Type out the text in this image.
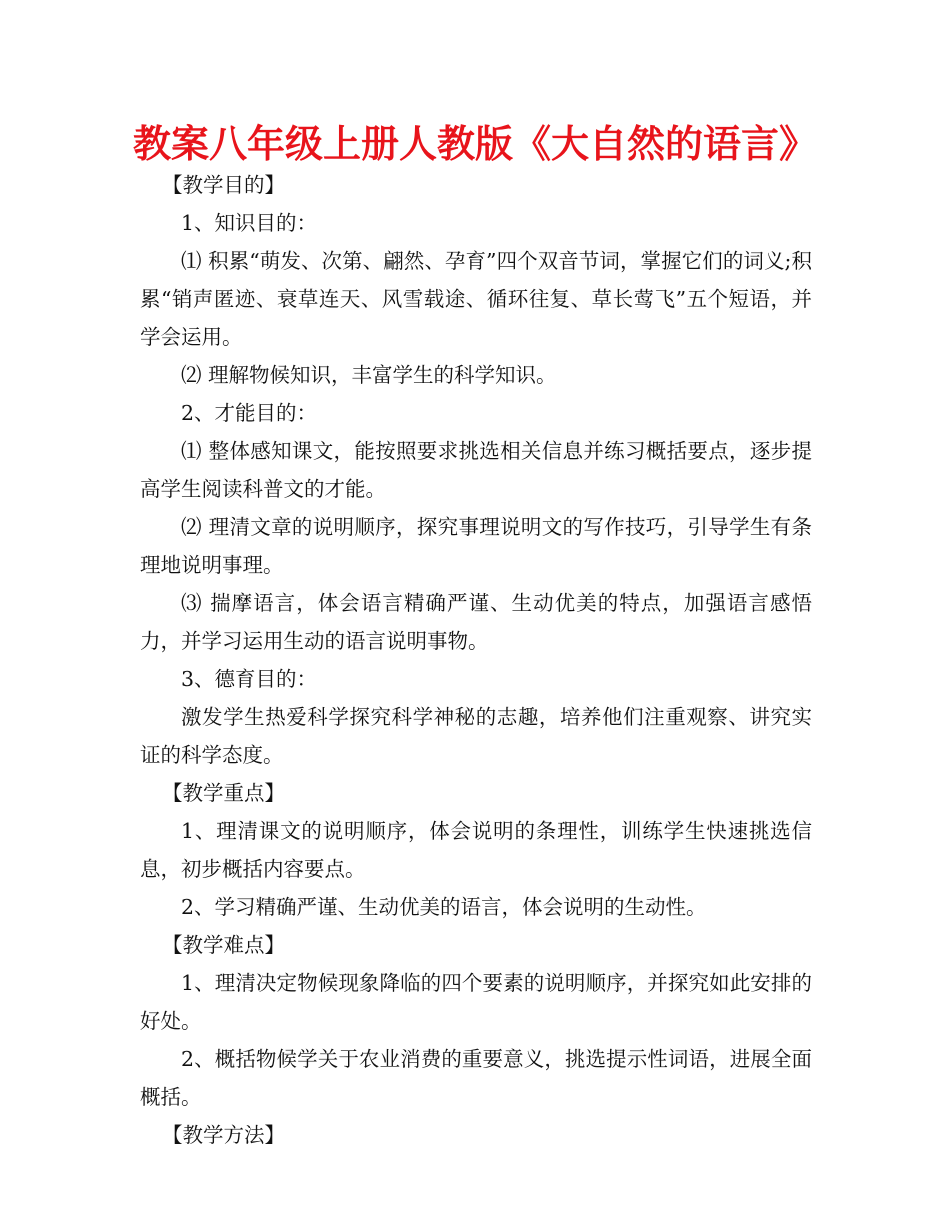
教案八年级上册人教版《大自然的语言》

【教学目的】

1、知识目的：

⑴ 积累“萌发、次第、翩然、孕育”四个双音节词，掌握它们的词义;积累“销声匿迹、衰草连天、风雪载途、循环往复、草长莺飞”五个短语，并学会运用。

⑵ 理解物候知识，丰富学生的科学知识。

2、才能目的：

⑴ 整体感知课文，能按照要求挑选相关信息并练习概括要点，逐步提高学生阅读科普文的才能。

⑵ 理清文章的说明顺序，探究事理说明文的写作技巧，引导学生有条理地说明事理。

⑶ 揣摩语言，体会语言精确严谨、生动优美的特点，加强语言感悟力，并学习运用生动的语言说明事物。

3、德育目的：

激发学生热爱科学探究科学神秘的志趣，培养他们注重观察、讲究实证的科学态度。

【教学重点】

1、理清课文的说明顺序，体会说明的条理性，训练学生快速挑选信息，初步概括内容要点。

2、学习精确严谨、生动优美的语言，体会说明的生动性。

【教学难点】

1、理清决定物候现象降临的四个要素的说明顺序，并探究如此安排的好处。

2、概括物候学关于农业消费的重要意义，挑选提示性词语，进展全面概括。

【教学方法】
